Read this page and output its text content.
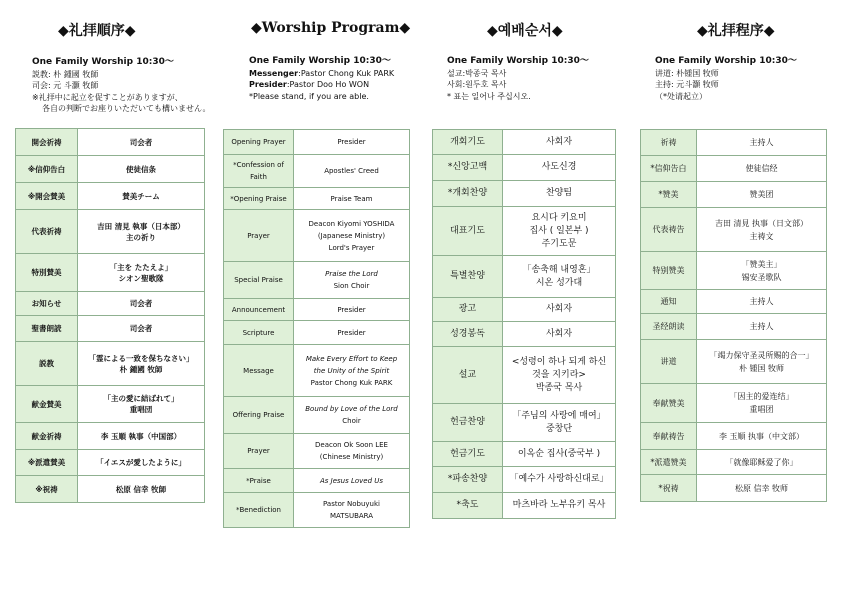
◆礼拝順序◆
One Family Worship 10:30〜
説教: 朴 鍾國 牧師
司会: 元 斗灝 牧師
※礼拝中に起立を促すことがありますが、
各自の判断でお座りいただいても構いません。
開会祈祷	司会者

※信仰告白	使徒信条

※開会賛美	賛美チーム

代表祈祷	吉田 清見 執事（日本部）
主の祈り

特別賛美	「主を たたえよ」
シオン聖歌隊

お知らせ	司会者

聖書朗読	司会者

説教	「霊による一致を保ちなさい」
朴 鍾國 牧師

献金賛美	「主の愛に結ばれて」
重唱団

献金祈祷	李 玉順 執事（中国部）

※派遣賛美	「イエスが愛したように」

※祝祷	松原 信幸 牧師
◆Worship Program◆
One Family Worship 10:30〜
Messenger:Pastor Chong Kuk PARK
Presider:Pastor Doo Ho WON
*Please stand, if you are able.
Opening Prayer	Presider

*Confession of Faith	Apostles' Creed

*Opening Praise	Praise Team

Prayer	Deacon Kiyomi YOSHIDA
(Japanese Ministry)
Lord's Prayer

Special Praise	Praise the Lord
Sion Choir

Announcement	Presider

Scripture	Presider

Message	Make Every Effort to Keep
the Unity of the Spirit
Pastor Chong Kuk PARK

Offering Praise	Bound by Love of the Lord
Choir

Prayer	Deacon Ok Soon LEE
(Chinese Ministry)

*Praise	As Jesus Loved Us

*Benediction	Pastor Nobuyuki
MATSUBARA
◆예배순서◆
One Family Worship 10:30〜
설교:박종국 목사
사회:원두호 목사
* 표는 일어나 주십시오.
개회기도	사회자

*신앙고백	사도신경

*개회찬양	찬양팀

대표기도	요시다 키요미
집사 ( 일본부 )
주기도문

특별찬양	「송축해 내영혼」
시온 성가대

광고	사회자

성경봉독	사회자

설교	<성령이 하나 되게 하신
것을 지키라>
박종국 목사

헌금찬양	「주님의 사랑에 매여」
중창단

헌금기도	이옥순 집사(중국부 )

*파송찬양	「예수가 사랑하신대로」

*축도	마츠바라 노부유키 목사
◆礼拝程序◆
One Family Worship 10:30〜
讲道: 朴锺国 牧师
主持: 元斗灝 牧师
（*处请起立）
祈祷	主持人

*信仰告白	使徒信经

*赞美	赞美团

代表祷告	吉田 清見 执事（日文部）
主祷文

特别赞美	「赞美主」
锡安圣歌队

通知	主持人

圣经朗读	主持人

讲道	「竭力保守圣灵所赐的合一」
朴 锺国 牧师

奉献赞美	「因主的爱连结」
重唱团

奉献祷告	李 玉順 执事（中文部）

*派遣赞美	「就像耶稣爱了你」

*祝祷	松原 信幸 牧师
